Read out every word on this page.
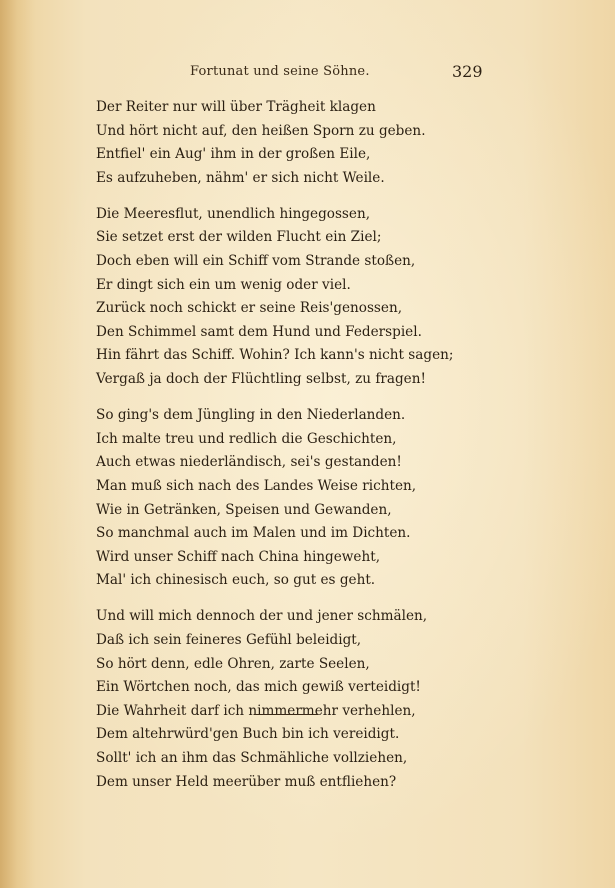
Fortunat und seine Söhne.	329
Der Reiter nur will über Trägheit klagen
Und hört nicht auf, den heißen Sporn zu geben.
Entfiel' ein Aug' ihm in der großen Eile,
Es aufzuheben, nähm' er sich nicht Weile.
Die Meeresflut, unendlich hingegossen,
Sie setzet erst der wilden Flucht ein Ziel;
Doch eben will ein Schiff vom Strande stoßen,
Er dingt sich ein um wenig oder viel.
Zurück noch schickt er seine Reis'genossen,
Den Schimmel samt dem Hund und Federspiel.
Hin fährt das Schiff. Wohin? Ich kann's nicht sagen;
Vergaß ja doch der Flüchtling selbst, zu fragen!
So ging's dem Jüngling in den Niederlanden.
Ich malte treu und redlich die Geschichten,
Auch etwas niederländisch, sei's gestanden!
Man muß sich nach des Landes Weise richten,
Wie in Getränken, Speisen und Gewanden,
So manchmal auch im Malen und im Dichten.
Wird unser Schiff nach China hingeweht,
Mal' ich chinesisch euch, so gut es geht.
Und will mich dennoch der und jener schmälen,
Daß ich sein feineres Gefühl beleidigt,
So hört denn, edle Ohren, zarte Seelen,
Ein Wörtchen noch, das mich gewiß verteidigt!
Die Wahrheit darf ich nimmermehr verhehlen,
Dem altehrwürd'gen Buch bin ich vereidigt.
Sollt' ich an ihm das Schmähliche vollziehen,
Dem unser Held meerüber muß entfliehen?
